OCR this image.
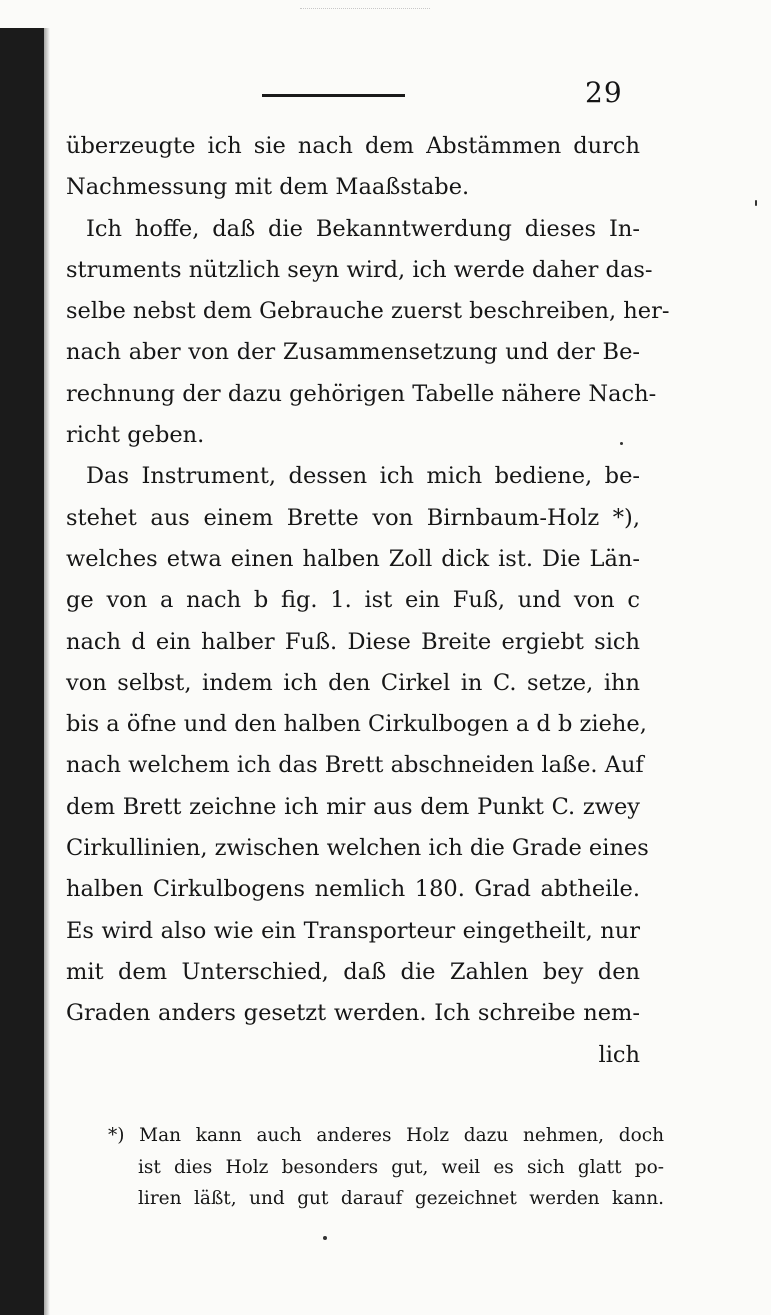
29
überzeugte ich sie nach dem Abstämmen durch
Nachmessung mit dem Maaßstabe.
Ich hoffe, daß die Bekanntwerdung dieses In-
struments nützlich seyn wird, ich werde daher das-
selbe nebst dem Gebrauche zuerst beschreiben, her-
nach aber von der Zusammensetzung und der Be-
rechnung der dazu gehörigen Tabelle nähere Nach-
richt geben.
Das Instrument, dessen ich mich bediene, be-
stehet aus einem Brette von Birnbaum-Holz *),
welches etwa einen halben Zoll dick ist. Die Län-
ge von a nach b fig. 1. ist ein Fuß, und von c
nach d ein halber Fuß. Diese Breite ergiebt sich
von selbst, indem ich den Cirkel in C. setze, ihn
bis a öfne und den halben Cirkulbogen a d b ziehe,
nach welchem ich das Brett abschneiden laße. Auf
dem Brett zeichne ich mir aus dem Punkt C. zwey
Cirkullinien, zwischen welchen ich die Grade eines
halben Cirkulbogens nemlich 180. Grad abtheile.
Es wird also wie ein Transporteur eingetheilt, nur
mit dem Unterschied, daß die Zahlen bey den
Graden anders gesetzt werden. Ich schreibe nem-
lich
*) Man kann auch anderes Holz dazu nehmen, doch
ist dies Holz besonders gut, weil es sich glatt po-
liren läßt, und gut darauf gezeichnet werden kann.
